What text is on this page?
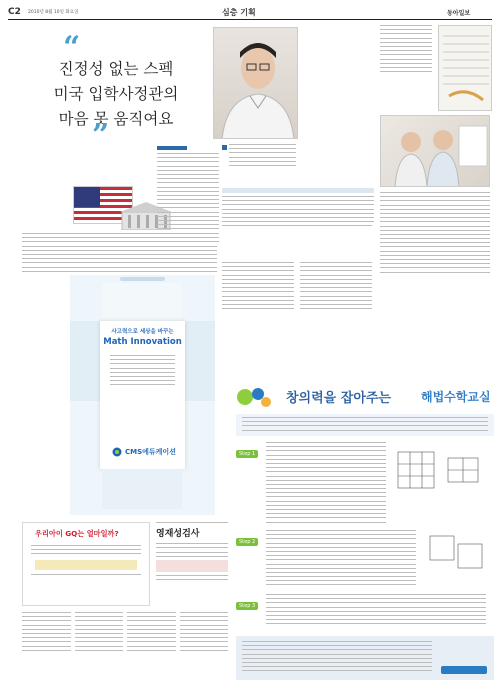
C2 2010년 8월 10일 화요일	심층 기획	동아일보
“
진정성 없는 스펙
미국 입학사정관의
마음 못 움직여요
”
사고력으로 세상을 바꾸는
Math Innovation
CMS에듀케이션
우리아이 GQ는 얼마일까?	영재성검사
창의력을 잡아주는	해법수학교실
Step 1
Step 2
Step 3
